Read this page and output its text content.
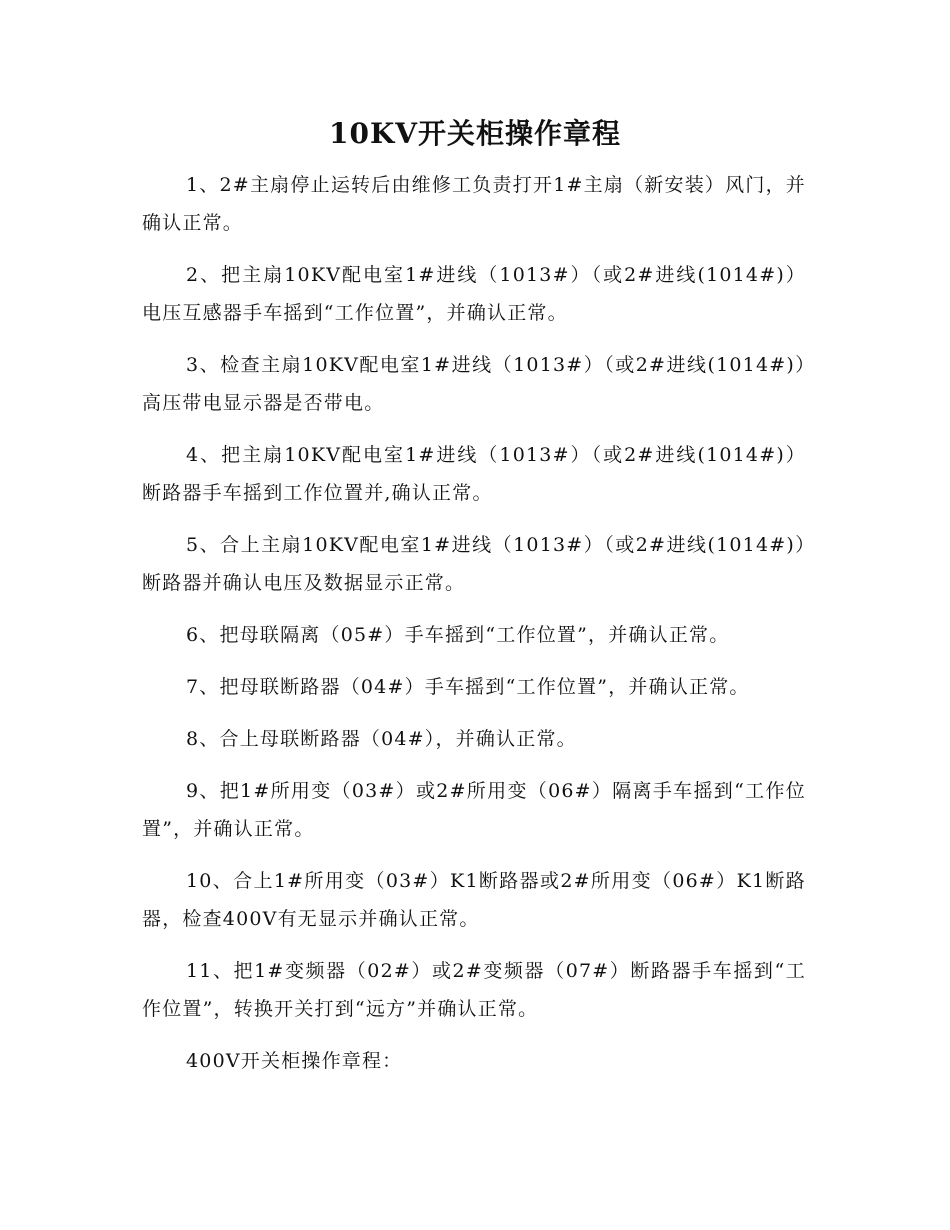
10KV开关柜操作章程

1、2#主扇停止运转后由维修工负责打开1#主扇（新安装）风门，并确认正常。

2、把主扇10KV配电室1#进线（1013#）（或2#进线(1014#)）电压互感器手车摇到“工作位置”，并确认正常。

3、检查主扇10KV配电室1#进线（1013#）（或2#进线(1014#)）高压带电显示器是否带电。

4、把主扇10KV配电室1#进线（1013#）（或2#进线(1014#)）断路器手车摇到工作位置并,确认正常。

5、合上主扇10KV配电室1#进线（1013#）（或2#进线(1014#)）断路器并确认电压及数据显示正常。

6、把母联隔离（05#）手车摇到“工作位置”，并确认正常。

7、把母联断路器（04#）手车摇到“工作位置”，并确认正常。

8、合上母联断路器（04#），并确认正常。

9、把1#所用变（03#）或2#所用变（06#）隔离手车摇到“工作位置”，并确认正常。

10、合上1#所用变（03#）K1断路器或2#所用变（06#）K1断路器，检查400V有无显示并确认正常。

11、把1#变频器（02#）或2#变频器（07#）断路器手车摇到“工作位置”，转换开关打到“远方”并确认正常。

400V开关柜操作章程：
